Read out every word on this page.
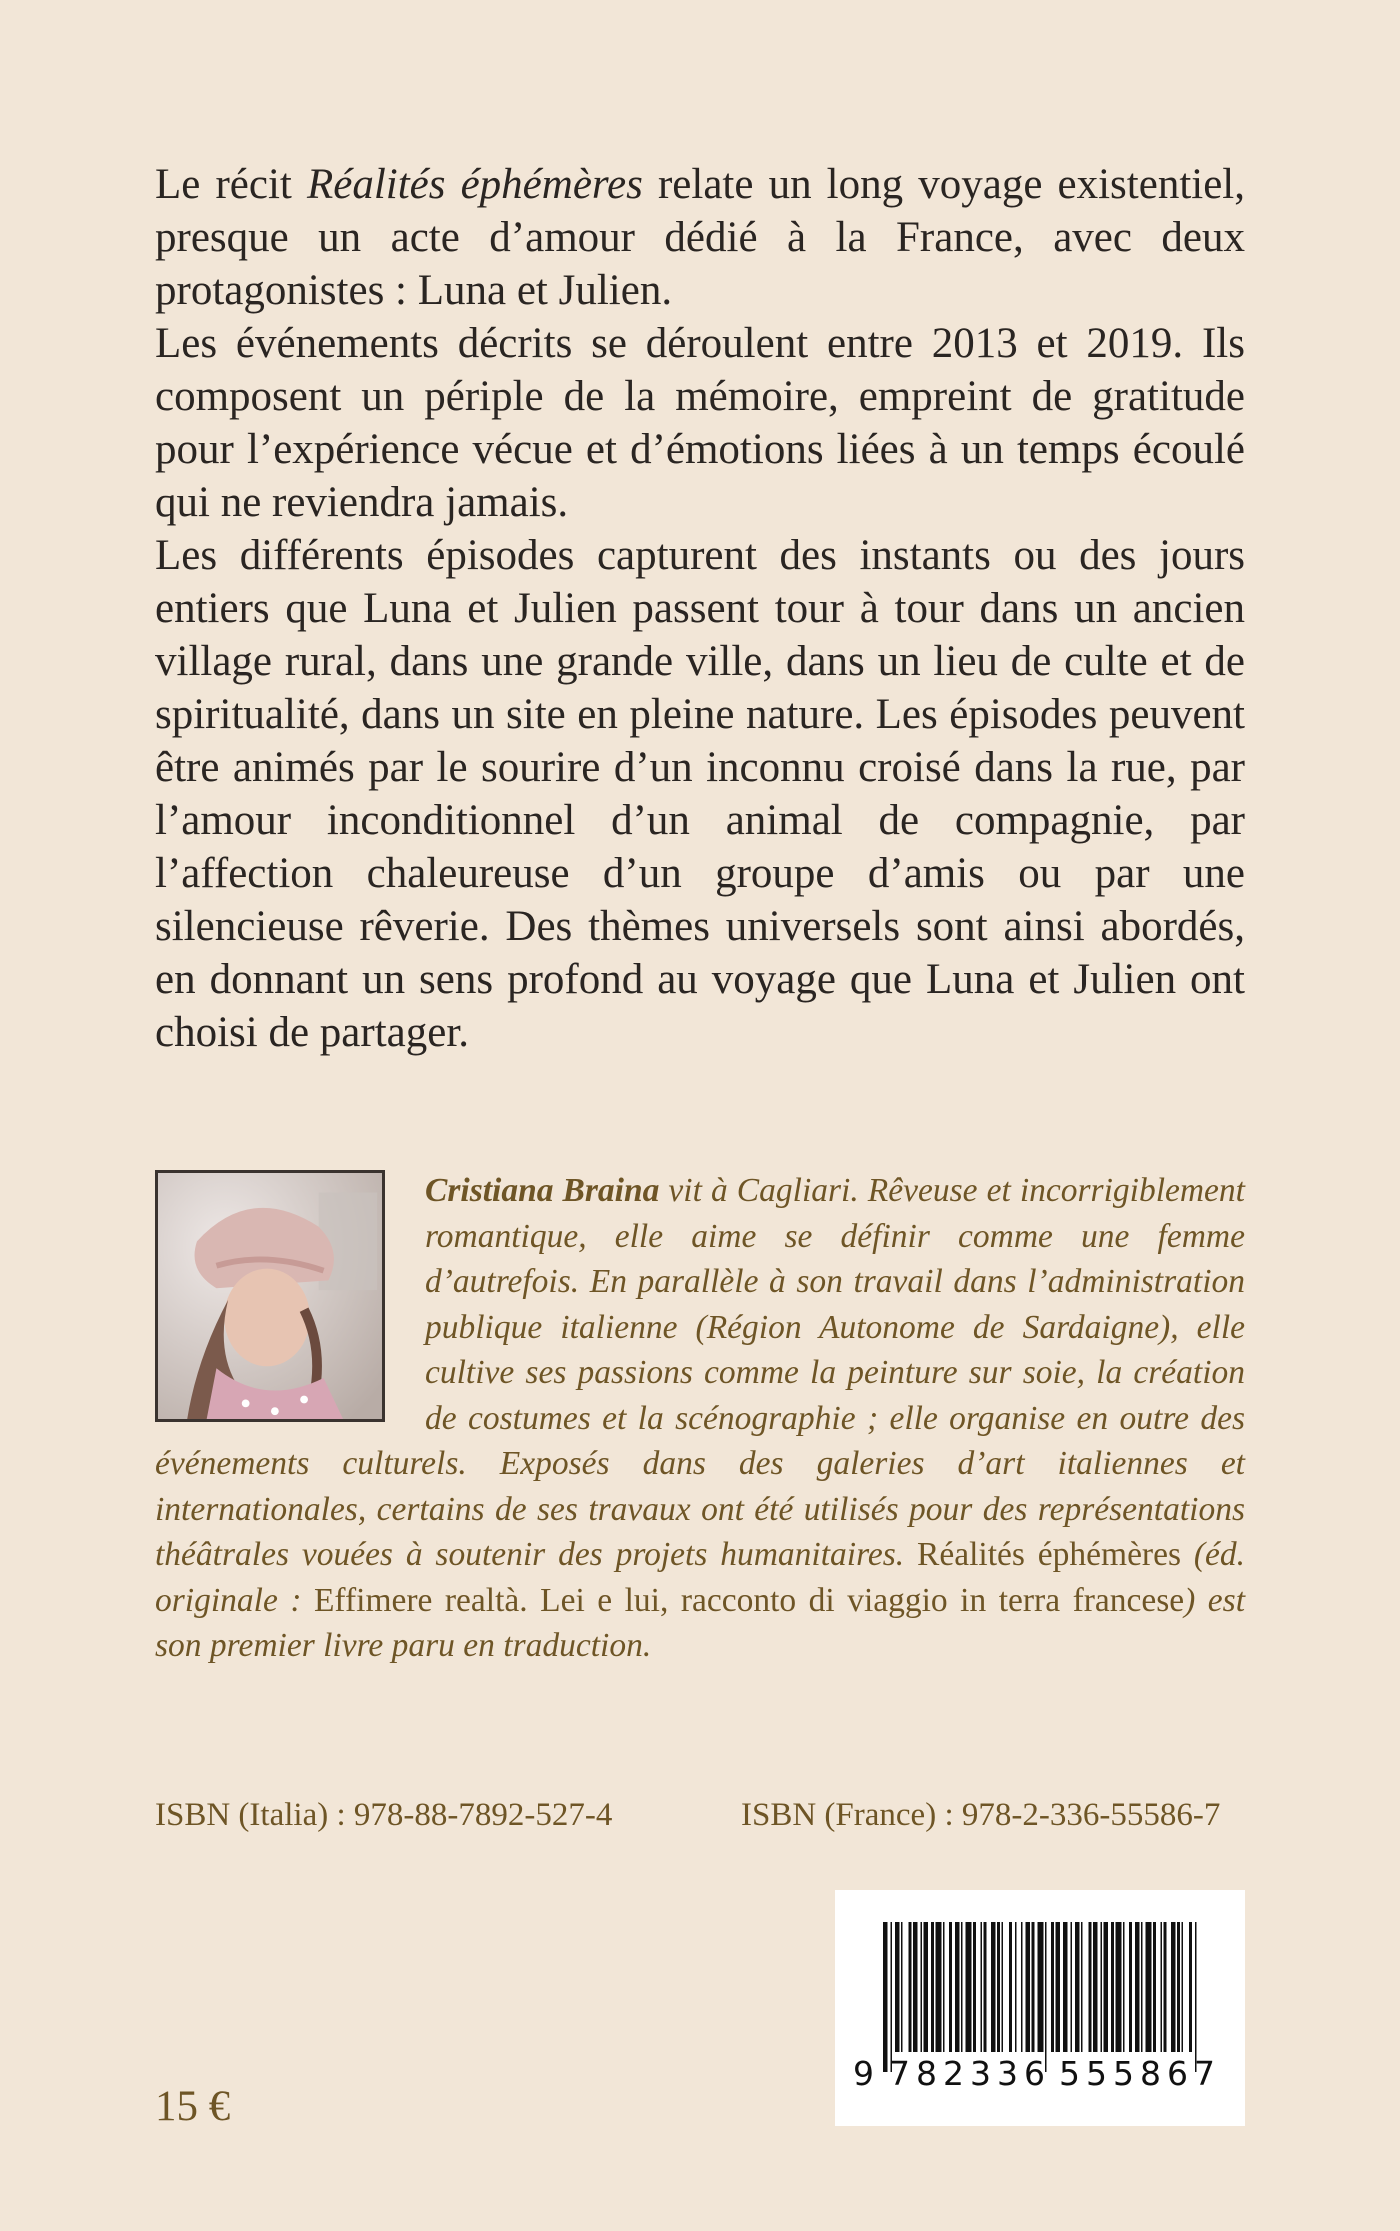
Le récit Réalités éphémères relate un long voyage existentiel, presque un acte d’amour dédié à la France, avec deux protagonistes : Luna et Julien.

Les événements décrits se déroulent entre 2013 et 2019. Ils composent un périple de la mémoire, empreint de gratitude pour l’expérience vécue et d’émotions liées à un temps écoulé qui ne reviendra jamais.

Les différents épisodes capturent des instants ou des jours entiers que Luna et Julien passent tour à tour dans un ancien village rural, dans une grande ville, dans un lieu de culte et de spiritualité, dans un site en pleine nature. Les épisodes peuvent être animés par le sourire d’un inconnu croisé dans la rue, par l’amour inconditionnel d’un animal de compagnie, par l’affection chaleureuse d’un groupe d’amis ou par une silencieuse rêverie. Des thèmes universels sont ainsi abordés, en donnant un sens profond au voyage que Luna et Julien ont choisi de partager.

Cristiana Braina vit à Cagliari. Rêveuse et incorrigiblement romantique, elle aime se définir comme une femme d’autrefois. En parallèle à son travail dans l’administration publique italienne (Région Autonome de Sardaigne), elle cultive ses passions comme la peinture sur soie, la création de costumes et la scénographie ; elle organise en outre des événements culturels. Exposés dans des galeries d’art italiennes et internationales, certains de ses travaux ont été utilisés pour des représentations théâtrales vouées à soutenir des projets humanitaires. Réalités éphémères (éd. originale : Effimere realtà. Lei e lui, racconto di viaggio in terra francese) est son premier livre paru en traduction.
ISBN (Italia) : 978-88-7892-527-4	ISBN (France) : 978-2-336-55586-7
9 782336 555867
15 €
